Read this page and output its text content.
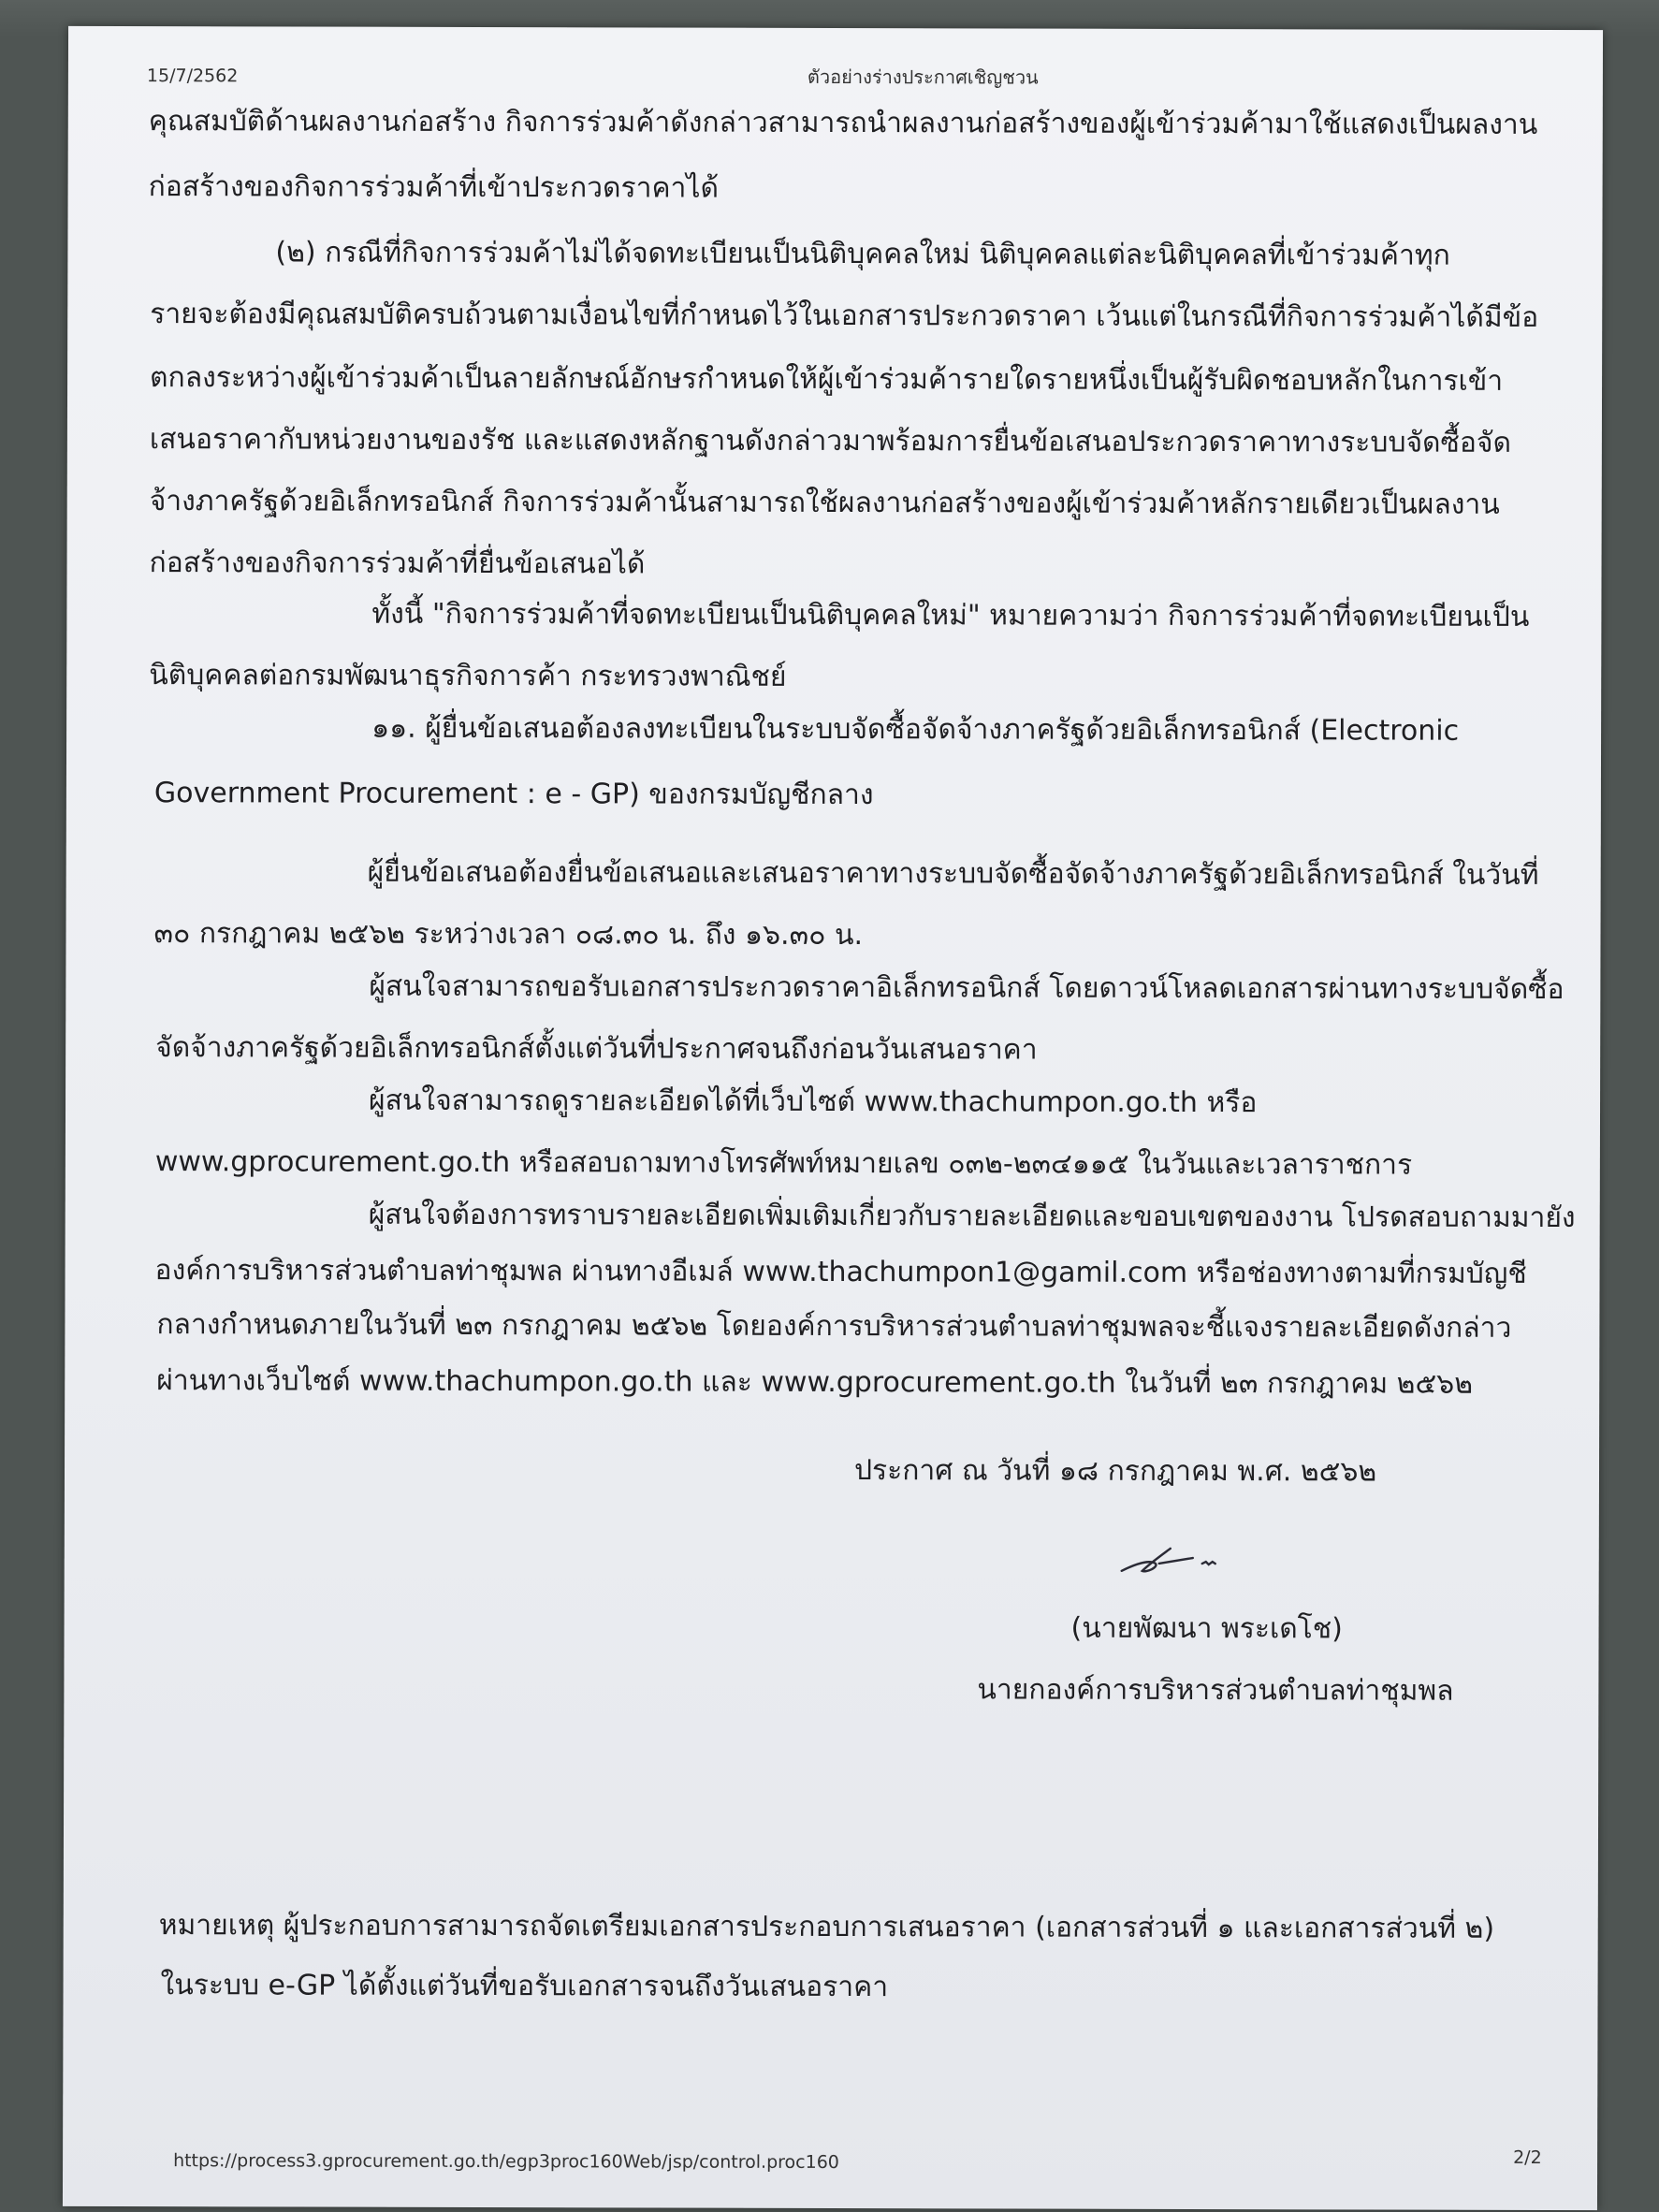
15/7/2562	ตัวอย่างร่างประกาศเชิญชวน
คุณสมบัติด้านผลงานก่อสร้าง กิจการร่วมค้าดังกล่าวสามารถนำผลงานก่อสร้างของผู้เข้าร่วมค้ามาใช้แสดงเป็นผลงาน
ก่อสร้างของกิจการร่วมค้าที่เข้าประกวดราคาได้
(๒) กรณีที่กิจการร่วมค้าไม่ได้จดทะเบียนเป็นนิติบุคคลใหม่ นิติบุคคลแต่ละนิติบุคคลที่เข้าร่วมค้าทุก
รายจะต้องมีคุณสมบัติครบถ้วนตามเงื่อนไขที่กำหนดไว้ในเอกสารประกวดราคา เว้นแต่ในกรณีที่กิจการร่วมค้าได้มีข้อ
ตกลงระหว่างผู้เข้าร่วมค้าเป็นลายลักษณ์อักษรกำหนดให้ผู้เข้าร่วมค้ารายใดรายหนึ่งเป็นผู้รับผิดชอบหลักในการเข้า
เสนอราคากับหน่วยงานของรัช และแสดงหลักฐานดังกล่าวมาพร้อมการยื่นข้อเสนอประกวดราคาทางระบบจัดซื้อจัด
จ้างภาครัฐด้วยอิเล็กทรอนิกส์ กิจการร่วมค้านั้นสามารถใช้ผลงานก่อสร้างของผู้เข้าร่วมค้าหลักรายเดียวเป็นผลงาน
ก่อสร้างของกิจการร่วมค้าที่ยื่นข้อเสนอได้
ทั้งนี้ "กิจการร่วมค้าที่จดทะเบียนเป็นนิติบุคคลใหม่" หมายความว่า กิจการร่วมค้าที่จดทะเบียนเป็น
นิติบุคคลต่อกรมพัฒนาธุรกิจการค้า กระทรวงพาณิชย์
๑๑. ผู้ยื่นข้อเสนอต้องลงทะเบียนในระบบจัดซื้อจัดจ้างภาครัฐด้วยอิเล็กทรอนิกส์ (Electronic
Government Procurement : e - GP) ของกรมบัญชีกลาง
ผู้ยื่นข้อเสนอต้องยื่นข้อเสนอและเสนอราคาทางระบบจัดซื้อจัดจ้างภาครัฐด้วยอิเล็กทรอนิกส์ ในวันที่
๓๐ กรกฎาคม ๒๕๖๒ ระหว่างเวลา ๐๘.๓๐ น. ถึง ๑๖.๓๐ น.
ผู้สนใจสามารถขอรับเอกสารประกวดราคาอิเล็กทรอนิกส์ โดยดาวน์โหลดเอกสารผ่านทางระบบจัดซื้อ
จัดจ้างภาครัฐด้วยอิเล็กทรอนิกส์ตั้งแต่วันที่ประกาศจนถึงก่อนวันเสนอราคา
ผู้สนใจสามารถดูรายละเอียดได้ที่เว็บไซต์ www.thachumpon.go.th หรือ
www.gprocurement.go.th หรือสอบถามทางโทรศัพท์หมายเลข ๐๓๒-๒๓๔๑๑๕ ในวันและเวลาราชการ
ผู้สนใจต้องการทราบรายละเอียดเพิ่มเติมเกี่ยวกับรายละเอียดและขอบเขตของงาน โปรดสอบถามมายัง
องค์การบริหารส่วนตำบลท่าชุมพล ผ่านทางอีเมล์ www.thachumpon1@gamil.com หรือช่องทางตามที่กรมบัญชี
กลางกำหนดภายในวันที่ ๒๓ กรกฎาคม ๒๕๖๒ โดยองค์การบริหารส่วนตำบลท่าชุมพลจะชี้แจงรายละเอียดดังกล่าว
ผ่านทางเว็บไซต์ www.thachumpon.go.th และ www.gprocurement.go.th ในวันที่ ๒๓ กรกฎาคม ๒๕๖๒
ประกาศ ณ วันที่ ๑๘ กรกฎาคม พ.ศ. ๒๕๖๒
(นายพัฒนา พระเดโช)
นายกองค์การบริหารส่วนตำบลท่าชุมพล
หมายเหตุ ผู้ประกอบการสามารถจัดเตรียมเอกสารประกอบการเสนอราคา (เอกสารส่วนที่ ๑ และเอกสารส่วนที่ ๒)
ในระบบ e-GP ได้ตั้งแต่วันที่ขอรับเอกสารจนถึงวันเสนอราคา
https://process3.gprocurement.go.th/egp3proc160Web/jsp/control.proc160	2/2
